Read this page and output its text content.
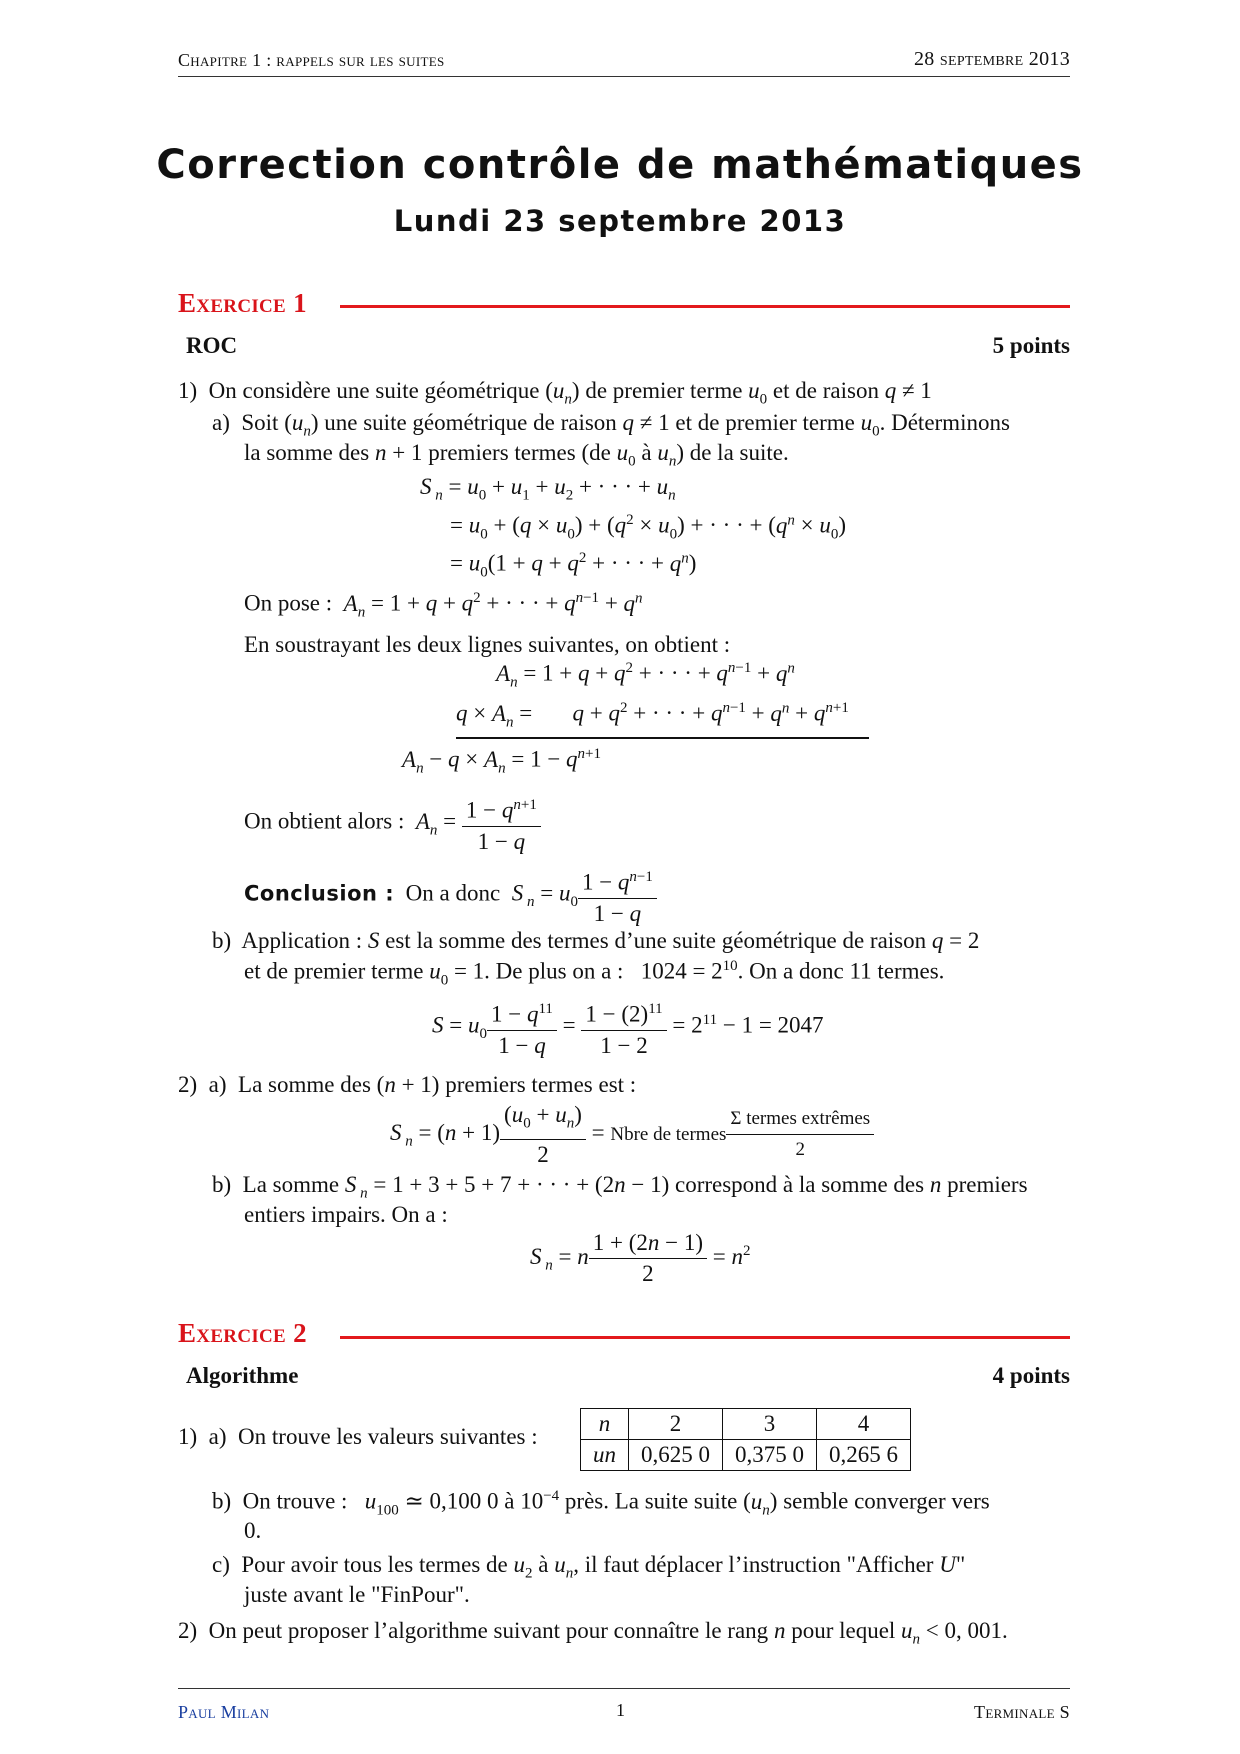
Chapitre 1 : rappels sur les suites	28 septembre 2013
Correction contrôle de mathématiques
Lundi 23 septembre 2013
Exercice 1
ROC	5 points
1) On considère une suite géométrique $(u_n)$ de premier terme $u_0$ et de raison q ≠ 1
a) Soit $(u_n)$ une suite géométrique de raison q ≠ 1 et de premier terme $u_0$. Déterminons
la somme des n + 1 premiers termes (de $u_0$ à $u_n$) de la suite.
S $_n = u_0 + u_1 + u_2$ + · · · + $u_n$
= $u_0 + (q \times u_0) + (q^2 \times u_0)$ + · · · + $(q^n \times u_0)$
= $u_0(1 + q + q^2$ + · · · + $q^n$)
On pose : $A_n = 1 + q + q^2$ + · · · + $q^{n-1} + q^n$
En soustrayant les deux lignes suivantes, on obtient :
$A_n = 1 + q + q^2$ + · · · + $q^{n-1} + q^n$
$q \times A_n$ =       $q + q^2$ + · · · + $q^{n-1} + q^n + q^{n+1}$
$A_n - q \times A_n = 1 - q^{n+1}$
On obtient alors : $A_n = \frac{1 - q^{n+1}}{1 - q}$
Conclusion : On a donc S $_n = u_0 \frac{1 - q^{n-1}}{1 - q}$
b) Application : S est la somme des termes d’une suite géométrique de raison q = 2
et de premier terme $u_0 = 1$. De plus on a :   $1024 = 2^{10}$. On a donc 11 termes.
$S = u_0 \frac{1 - q^{11}}{1 - q} = \frac{1 - (2)^{11}}{1 - 2} = 2^{11} - 1 = 2047$
2) a) La somme des (n + 1) premiers termes est :
S $_n = (n + 1) \frac{(u_0 + u_n)}{2}$ = Nbre de termes $\frac{\text{Σ termes extrêmes}}{2}$
b) La somme S $_n$ = 1 + 3 + 5 + 7 + · · · + (2n − 1) correspond à la somme des n premiers
entiers impairs. On a :
S $_n$ = n $\frac{1 + (2n - 1)}{2} = n^2$
Exercice 2
Algorithme	4 points
1) a) On trouve les valeurs suivantes :
n	2	3	4
un	0,625 0	0,375 0	0,265 6
b) On trouve : $u_{100}$ ≃ 0,100 0 à $10^{-4}$ près. La suite suite $(u_n)$ semble converger vers
0.
c) Pour avoir tous les termes de $u_2$ à $u_n$, il faut déplacer l’instruction "Afficher U"
juste avant le "FinPour".
2) On peut proposer l’algorithme suivant pour connaître le rang n pour lequel $u_n < 0$, 001.
Paul Milan	1	Terminale S
